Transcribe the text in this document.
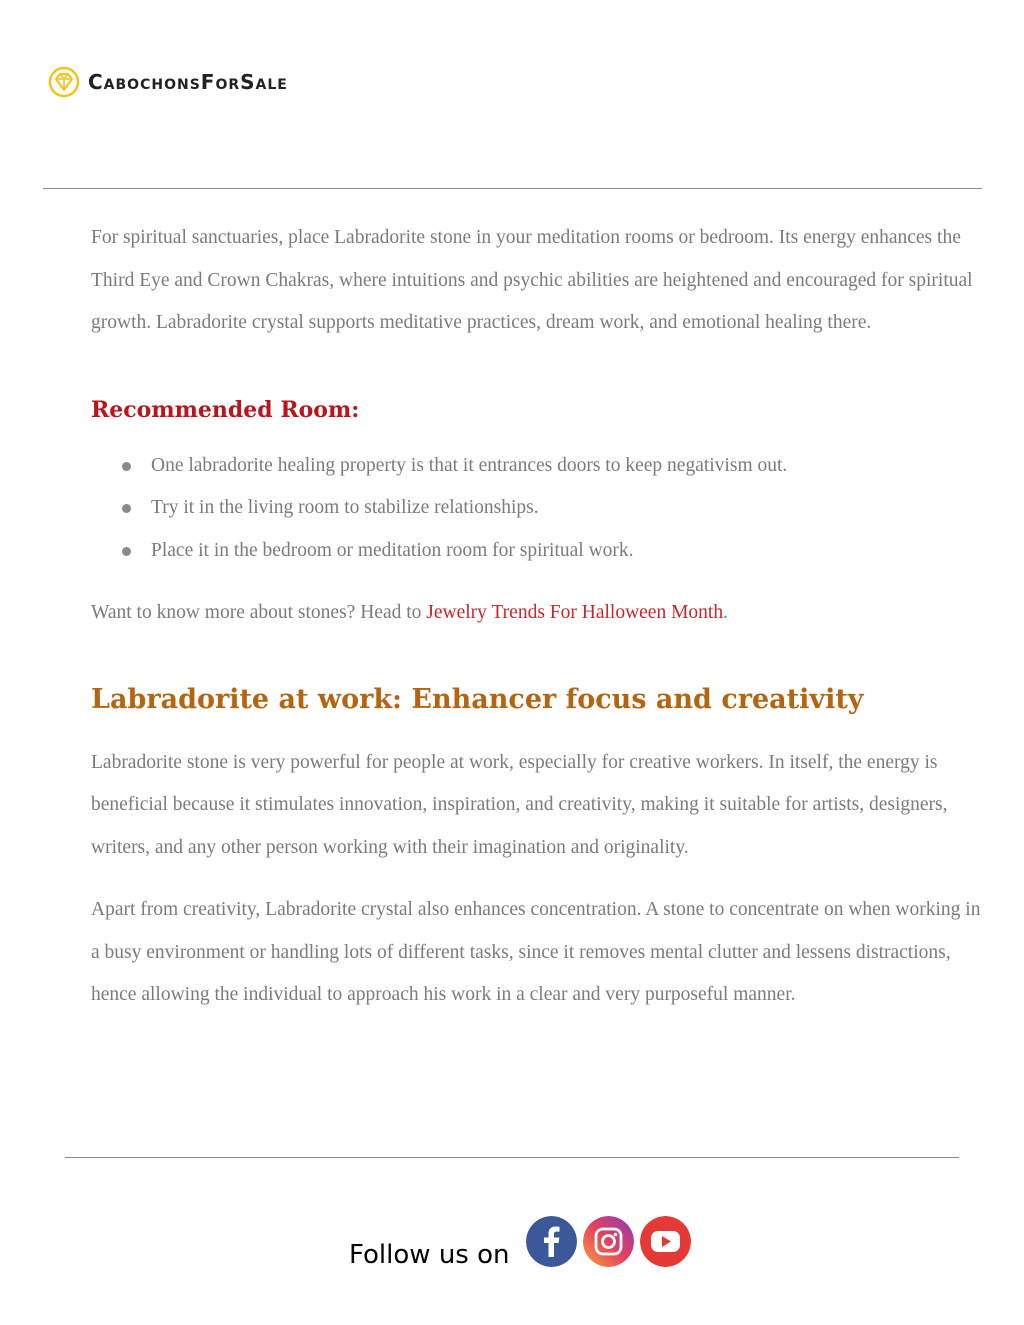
CabochonsForSale

For spiritual sanctuaries, place Labradorite stone in your meditation rooms or bedroom. Its energy enhances the Third Eye and Crown Chakras, where intuitions and psychic abilities are heightened and encouraged for spiritual growth. Labradorite crystal supports meditative practices, dream work, and emotional healing there.

Recommended Room:
One labradorite healing property is that it entrances doors to keep negativism out.
Try it in the living room to stabilize relationships.
Place it in the bedroom or meditation room for spiritual work.

Want to know more about stones? Head to Jewelry Trends For Halloween Month.

Labradorite at work: Enhancer focus and creativity

Labradorite stone is very powerful for people at work, especially for creative workers. In itself, the energy is beneficial because it stimulates innovation, inspiration, and creativity, making it suitable for artists, designers, writers, and any other person working with their imagination and originality.

Apart from creativity, Labradorite crystal also enhances concentration. A stone to concentrate on when working in a busy environment or handling lots of different tasks, since it removes mental clutter and lessens distractions, hence allowing the individual to approach his work in a clear and very purposeful manner.

Follow us on
